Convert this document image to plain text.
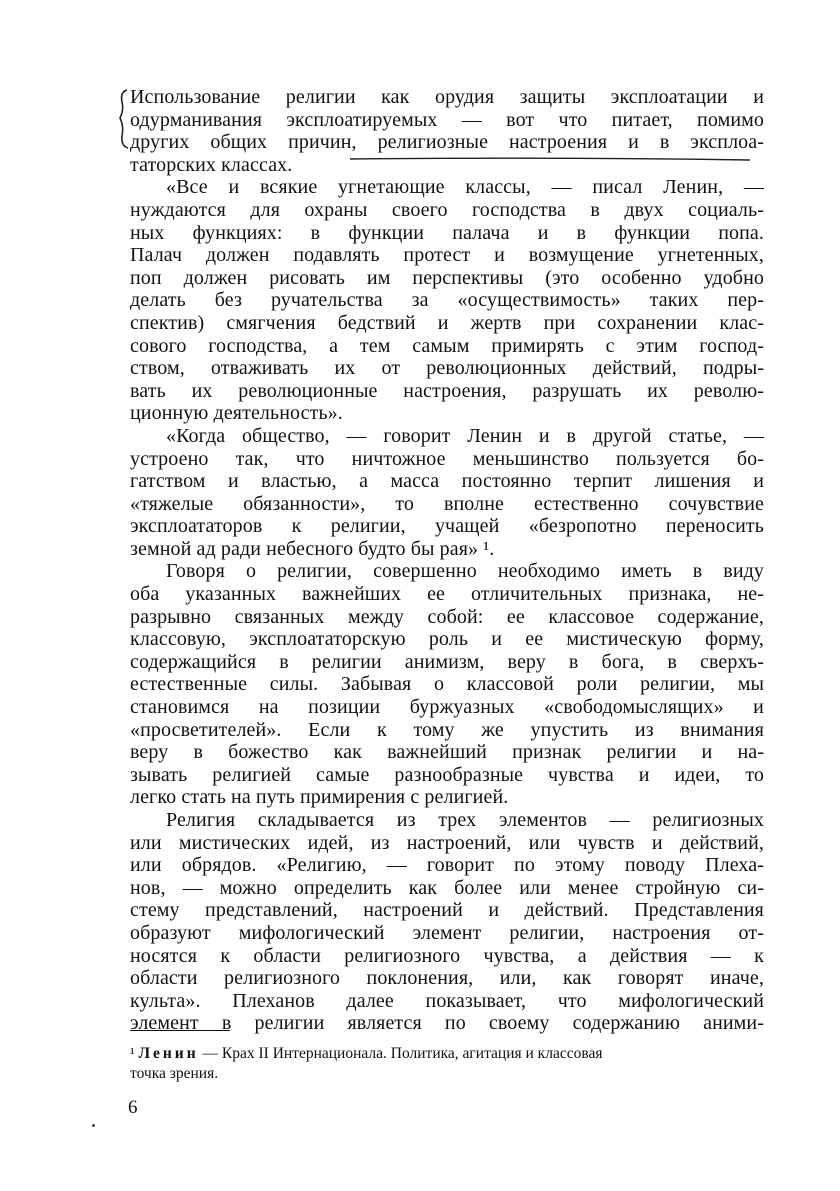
Использование религии как орудия защиты эксплоатации и
одурманивания эксплоатируемых — вот что питает, помимо
других общих причин, религиозные настроения и в эксплоа-
таторских классах.
«Все и всякие угнетающие классы, — писал Ленин, —
нуждаются для охраны своего господства в двух социаль-
ных функциях: в функции палача и в функции попа.
Палач должен подавлять протест и возмущение угнетенных,
поп должен рисовать им перспективы (это особенно удобно
делать без ручательства за «осуществимость» таких пер-
спектив) смягчения бедствий и жертв при сохранении клас-
сового господства, а тем самым примирять с этим господ-
ством, отваживать их от революционных действий, подры-
вать их революционные настроения, разрушать их револю-
ционную деятельность».
«Когда общество, — говорит Ленин и в другой статье, —
устроено так, что ничтожное меньшинство пользуется бо-
гатством и властью, а масса постоянно терпит лишения и
«тяжелые обязанности», то вполне естественно сочувствие
эксплоататоров к религии, учащей «безропотно переносить
земной ад ради небесного будто бы рая» ¹.
Говоря о религии, совершенно необходимо иметь в виду
оба указанных важнейших ее отличительных признака, не-
разрывно связанных между собой: ее классовое содержание,
классовую, эксплоататорскую роль и ее мистическую форму,
содержащийся в религии анимизм, веру в бога, в сверхъ-
естественные силы. Забывая о классовой роли религии, мы
становимся на позиции буржуазных «свободомыслящих» и
«просветителей». Если к тому же упустить из внимания
веру в божество как важнейший признак религии и на-
зывать религией самые разнообразные чувства и идеи, то
легко стать на путь примирения с религией.
Религия складывается из трех элементов — религиозных
или мистических идей, из настроений, или чувств и действий,
или обрядов. «Религию, — говорит по этому поводу Плеха-
нов, — можно определить как более или менее стройную си-
стему представлений, настроений и действий. Представления
образуют мифологический элемент религии, настроения от-
носятся к области религиозного чувства, а действия — к
области религиозного поклонения, или, как говорят иначе,
культа». Плеханов далее показывает, что мифологический
элемент в религии является по своему содержанию аними-
¹ Ленин — Крах II Интернационала. Политика, агитация и классовая
точка зрения.
6
